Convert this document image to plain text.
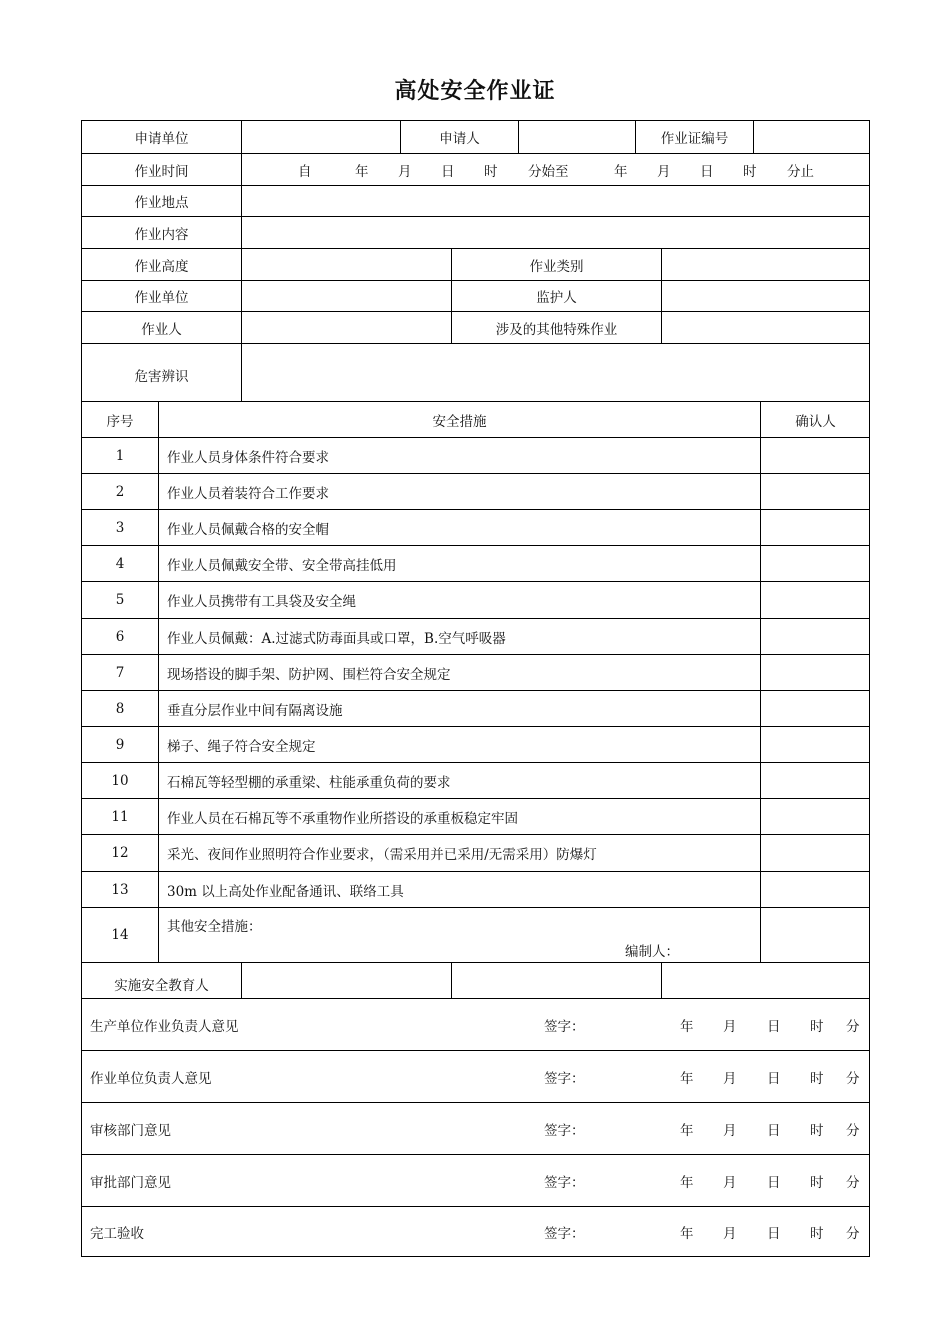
高处安全作业证
申请单位	申请人	作业证编号
作业时间	自	年 月 日 时 分始至	年 月 日 时 分止
作业地点
作业内容
作业高度	作业类别
作业单位	监护人
作业人	涉及的其他特殊作业
危害辨识
序号	安全措施	确认人
1	作业人员身体条件符合要求
2	作业人员着装符合工作要求
3	作业人员佩戴合格的安全帽
4	作业人员佩戴安全带、安全带高挂低用
5	作业人员携带有工具袋及安全绳
6	作业人员佩戴：A.过滤式防毒面具或口罩，B.空气呼吸器
7	现场搭设的脚手架、防护网、围栏符合安全规定
8	垂直分层作业中间有隔离设施
9	梯子、绳子符合安全规定
10	石棉瓦等轻型棚的承重梁、柱能承重负荷的要求
11	作业人员在石棉瓦等不承重物作业所搭设的承重板稳定牢固
12	采光、夜间作业照明符合作业要求，（需采用并已采用/无需采用）防爆灯
13	30m 以上高处作业配备通讯、联络工具
14	其他安全措施：
编制人：
实施安全教育人
生产单位作业负责人意见	签字：	年 月 日 时 分
作业单位负责人意见	签字：	年 月 日 时 分
审核部门意见	签字：	年 月 日 时 分
审批部门意见	签字：	年 月 日 时 分
完工验收	签字：	年 月 日 时 分
